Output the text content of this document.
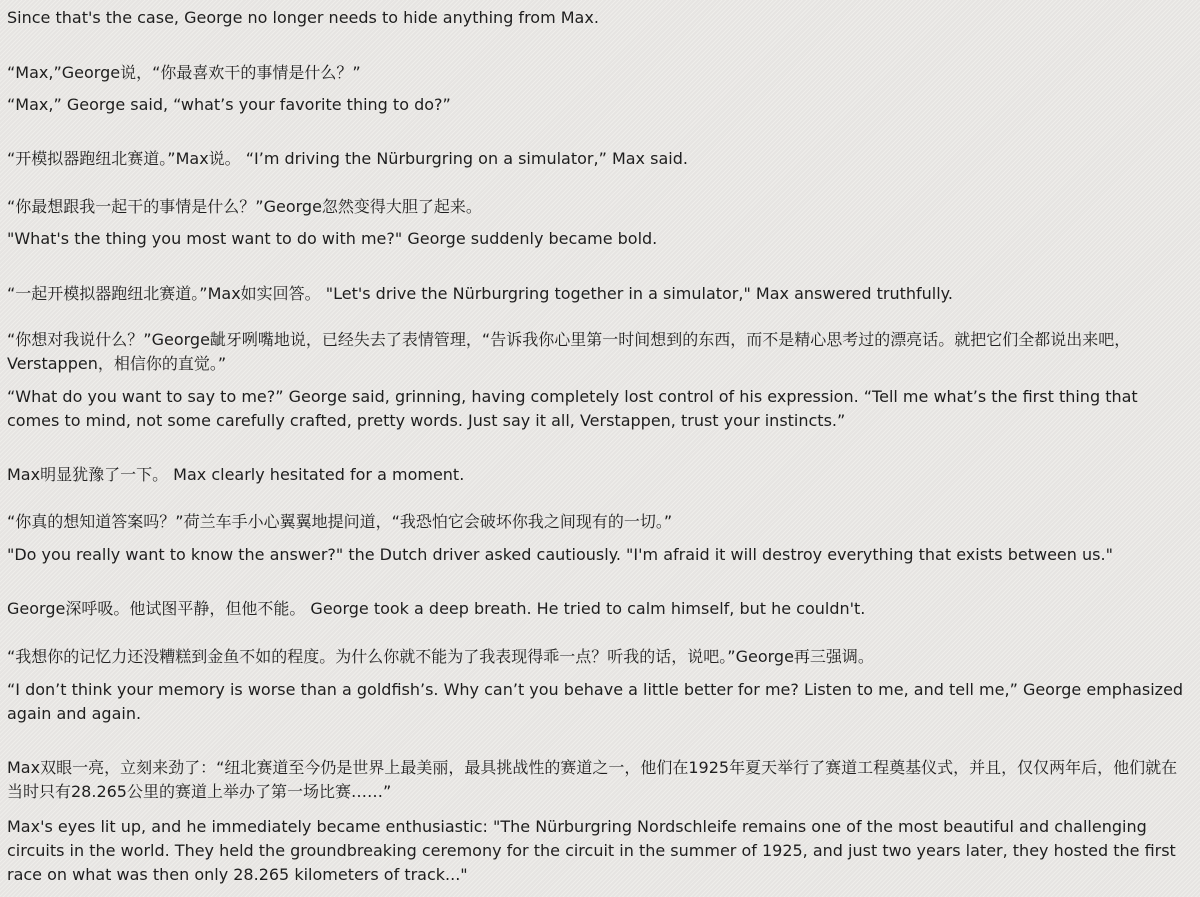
Since that's the case, George no longer needs to hide anything from Max.

“Max,”George说，“你最喜欢干的事情是什么？”

“Max,” George said, “what’s your favorite thing to do?”

“开模拟器跑纽北赛道。”Max说。 “I’m driving the Nürburgring on a simulator,” Max said.

“你最想跟我一起干的事情是什么？”George忽然变得大胆了起来。

"What's the thing you most want to do with me?" George suddenly became bold.

“一起开模拟器跑纽北赛道。”Max如实回答。 "Let's drive the Nürburgring together in a simulator," Max answered truthfully.

“你想对我说什么？”George龇牙咧嘴地说，已经失去了表情管理，“告诉我你心里第一时间想到的东西，而不是精心思考过的漂亮话。就把它们全都说出来吧，Verstappen，相信你的直觉。”

“What do you want to say to me?” George said, grinning, having completely lost control of his expression. “Tell me what’s the first thing that comes to mind, not some carefully crafted, pretty words. Just say it all, Verstappen, trust your instincts.”

Max明显犹豫了一下。 Max clearly hesitated for a moment.

“你真的想知道答案吗？”荷兰车手小心翼翼地提问道，“我恐怕它会破坏你我之间现有的一切。”

"Do you really want to know the answer?" the Dutch driver asked cautiously. "I'm afraid it will destroy everything that exists between us."

George深呼吸。他试图平静，但他不能。 George took a deep breath. He tried to calm himself, but he couldn't.

“我想你的记忆力还没糟糕到金鱼不如的程度。为什么你就不能为了我表现得乖一点？听我的话，说吧。”George再三强调。

“I don’t think your memory is worse than a goldfish’s. Why can’t you behave a little better for me? Listen to me, and tell me,” George emphasized again and again.

Max双眼一亮，立刻来劲了：“纽北赛道至今仍是世界上最美丽，最具挑战性的赛道之一，他们在1925年夏天举行了赛道工程奠基仪式，并且，仅仅两年后，他们就在当时只有28.265公里的赛道上举办了第一场比赛……”

Max's eyes lit up, and he immediately became enthusiastic: "The Nürburgring Nordschleife remains one of the most beautiful and challenging circuits in the world. They held the groundbreaking ceremony for the circuit in the summer of 1925, and just two years later, they hosted the first race on what was then only 28.265 kilometers of track..."
